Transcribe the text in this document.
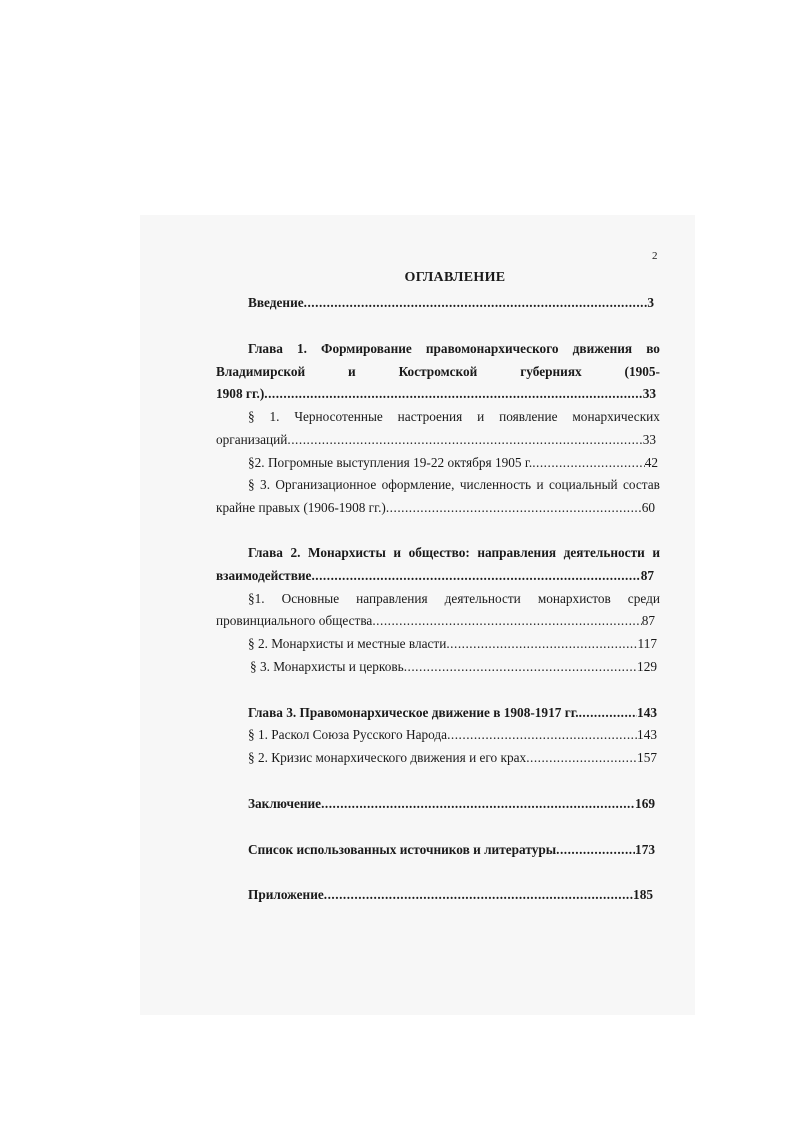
2
ОГЛАВЛЕНИЕ
Введение .....	3
Глава 1. Формирование правомонархического движения во
Владимирской	и	Костромской	губерниях	(1905-
1908 гг.) .....	33
§ 1. Черносотенные настроения и появление монархических
организаций .....	33
§2. Погромные выступления 19-22 октября 1905 г. .....	42
§ 3. Организационное оформление, численность и социальный состав
крайне правых (1906-1908 гг.) .....	60
Глава 2. Монархисты и общество: направления деятельности и
взаимодействие .....	87
§1. Основные направления деятельности монархистов среди
провинциального общества .....	87
§ 2. Монархисты и местные власти .....	117
§ 3. Монархисты и церковь .....	129
Глава 3. Правомонархическое движение в 1908-1917 гг. .....	143
§ 1. Раскол Союза Русского Народа .....	143
§ 2. Кризис монархического движения и его крах .....	157
Заключение .....	169
Список использованных источников и литературы .....	173
Приложение .....	185
